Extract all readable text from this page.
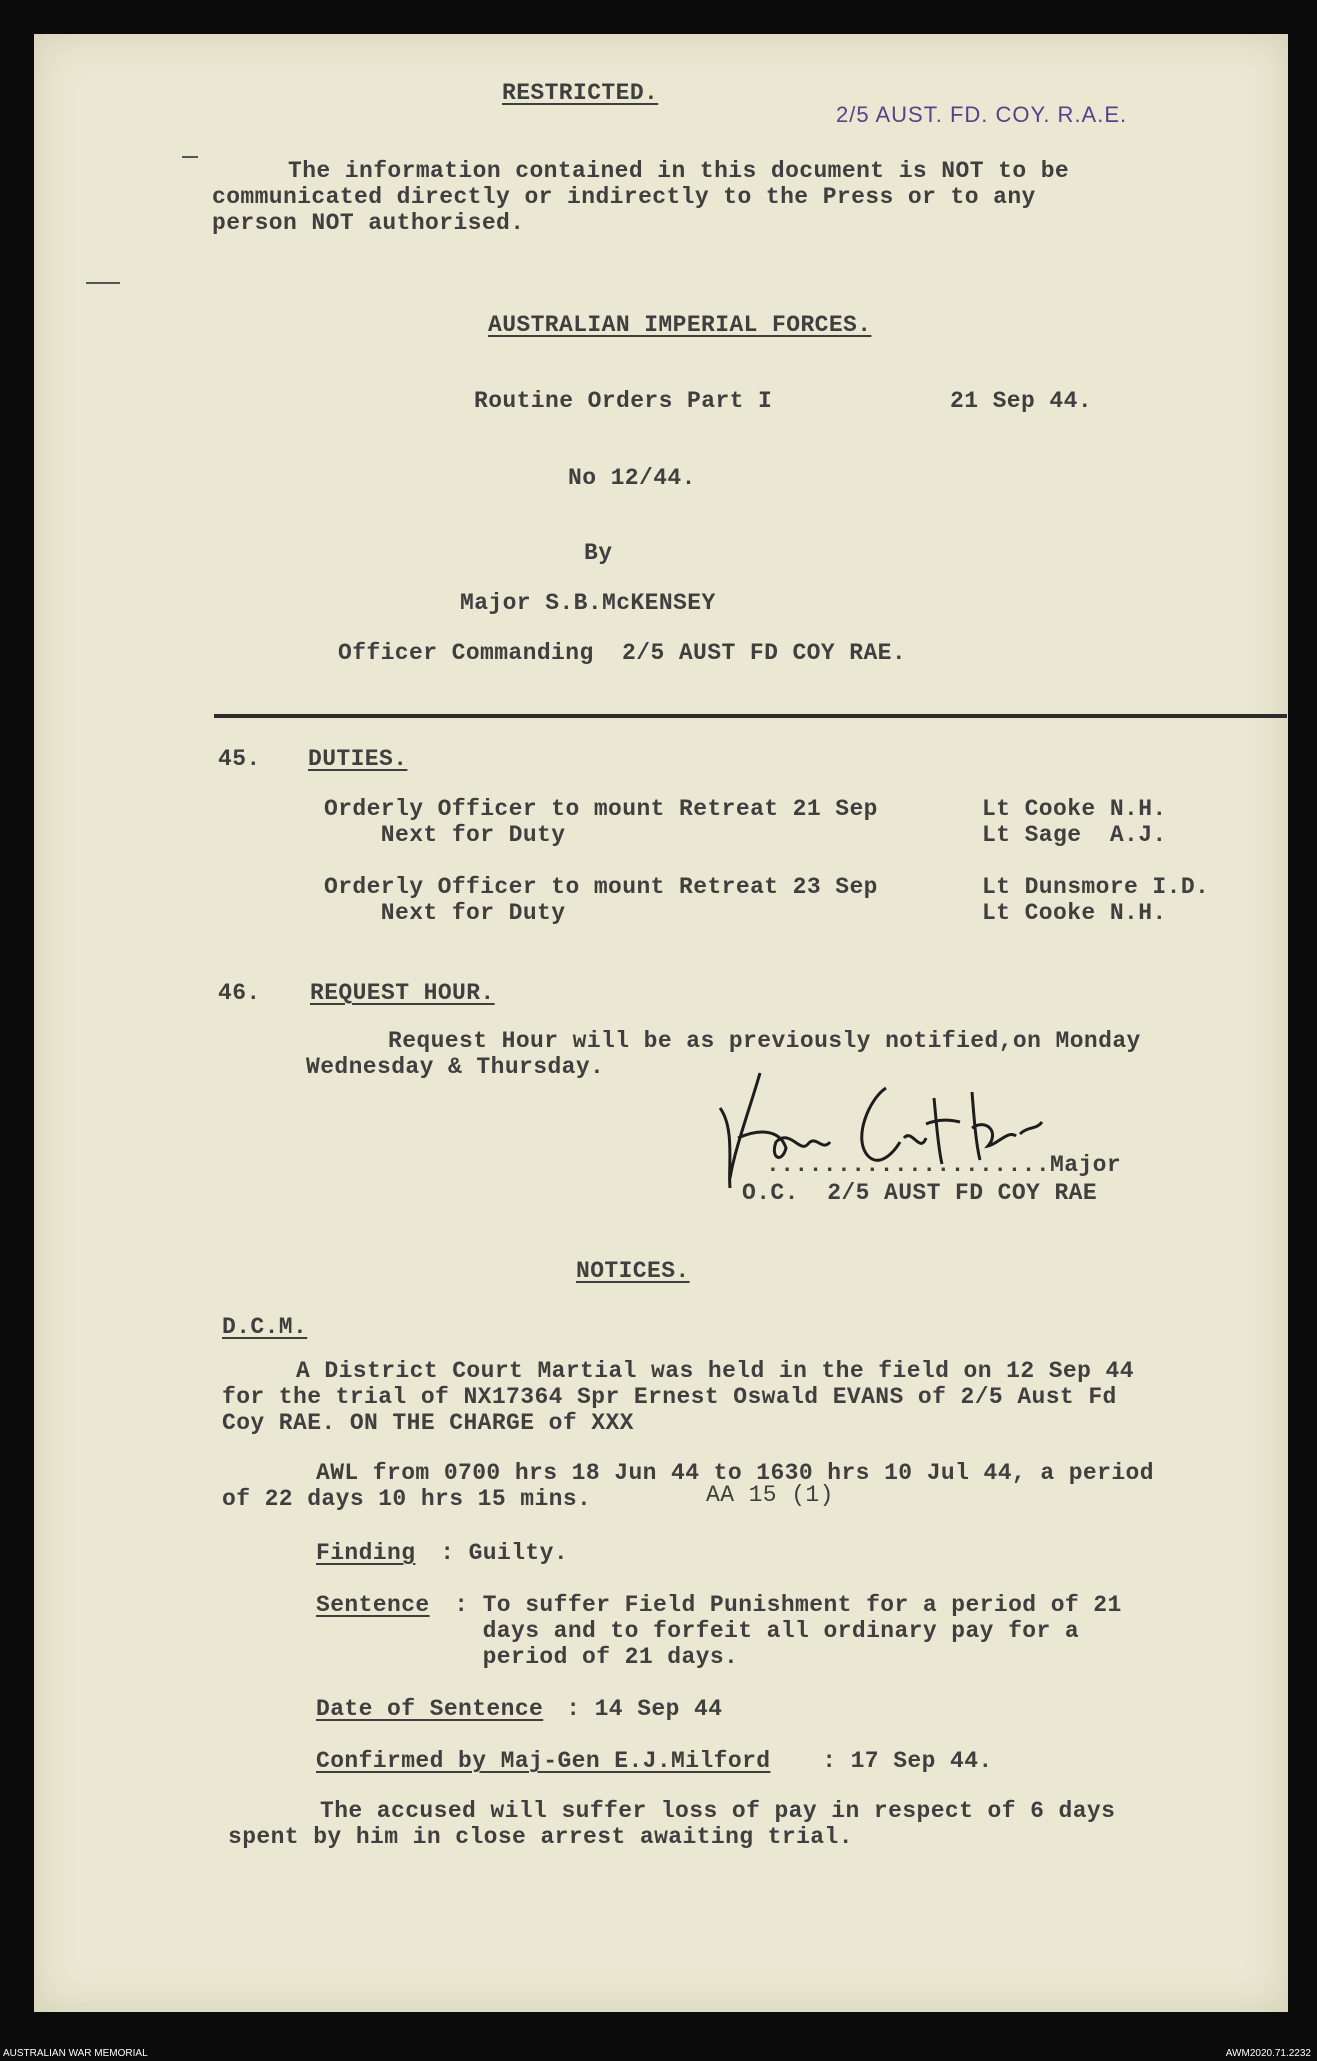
RESTRICTED.
2/5 AUST. FD. COY. R.A.E.
The information contained in this document is NOT to be
communicated directly or indirectly to the Press or to any
person NOT authorised.
AUSTRALIAN IMPERIAL FORCES.
Routine Orders Part I	21 Sep 44.
No 12/44.
By
Major S.B.McKENSEY
Officer Commanding  2/5 AUST FD COY RAE.
45. DUTIES.
Orderly Officer to mount Retreat 21 Sep	Lt Cooke N.H.
Next for Duty	Lt Sage  A.J.
Orderly Officer to mount Retreat 23 Sep	Lt Dunsmore I.D.
Next for Duty	Lt Cooke N.H.
46. REQUEST HOUR.
Request Hour will be as previously notified,on Monday
Wednesday & Thursday.	J Crane Capt for
....................Major
O.C.  2/5 AUST FD COY RAE
NOTICES.
D.C.M.
A District Court Martial was held in the field on 12 Sep 44
for the trial of NX17364 Spr Ernest Oswald EVANS of 2/5 Aust Fd
Coy RAE. ON THE CHARGE of XXX
AWL from 0700 hrs 18 Jun 44 to 1630 hrs 10 Jul 44, a period
of 22 days 10 hrs 15 mins.	AA 15 (1)
Finding : Guilty.
Sentence : To suffer Field Punishment for a period of 21
days and to forfeit all ordinary pay for a
period of 21 days.
Date of Sentence : 14 Sep 44
Confirmed by Maj-Gen E.J.Milford : 17 Sep 44.
The accused will suffer loss of pay in respect of 6 days
spent by him in close arrest awaiting trial.
AUSTRALIAN WAR MEMORIAL	AWM2020.71.2232
